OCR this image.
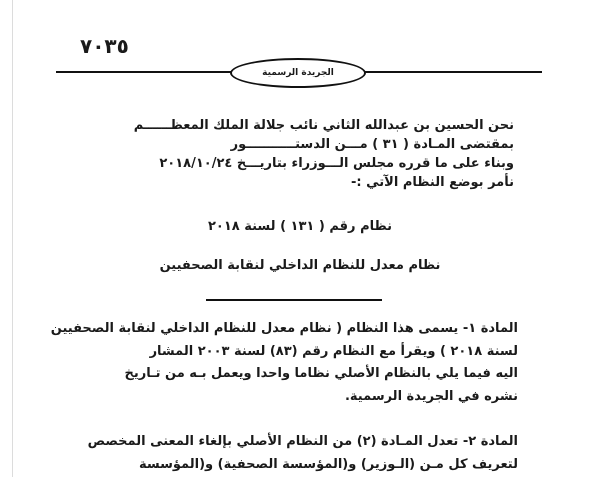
٧٠٣٥
الجريدة الرسمية
نحن الحسين بن عبدالله الثاني نائب جلالة الملك المعظــــــم
بمقتضى المـادة ( ٣١ ) مـــن الدستـــــــــــور
وبناء على ما قرره مجلس الـــوزراء بتاريـــخ ٢٠١٨/١٠/٢٤
نأمر بوضع النظام الآتي :-
نظام رقم ( ١٣١ ) لسنة ٢٠١٨
نظام معدل للنظام الداخلي لنقابة الصحفيين
المادة ١- يسمى هذا النظام ( نظام معدل للنظام الداخلي لنقابة الصحفيين
لسنة ٢٠١٨ ) ويقرأ مع النظام رقم (٨٣) لسنة ٢٠٠٣ المشار
اليه فيما يلي بالنظام الأصلي نظاما واحدا ويعمل بـه من تـاريخ
نشره في الجريدة الرسمية.
المادة ٢- تعدل المـادة (٢) من النظام الأصلي بإلغاء المعنى المخصص
لتعريف كل مـن (الـوزير) و(المؤسسة الصحفية) و(المؤسسة
